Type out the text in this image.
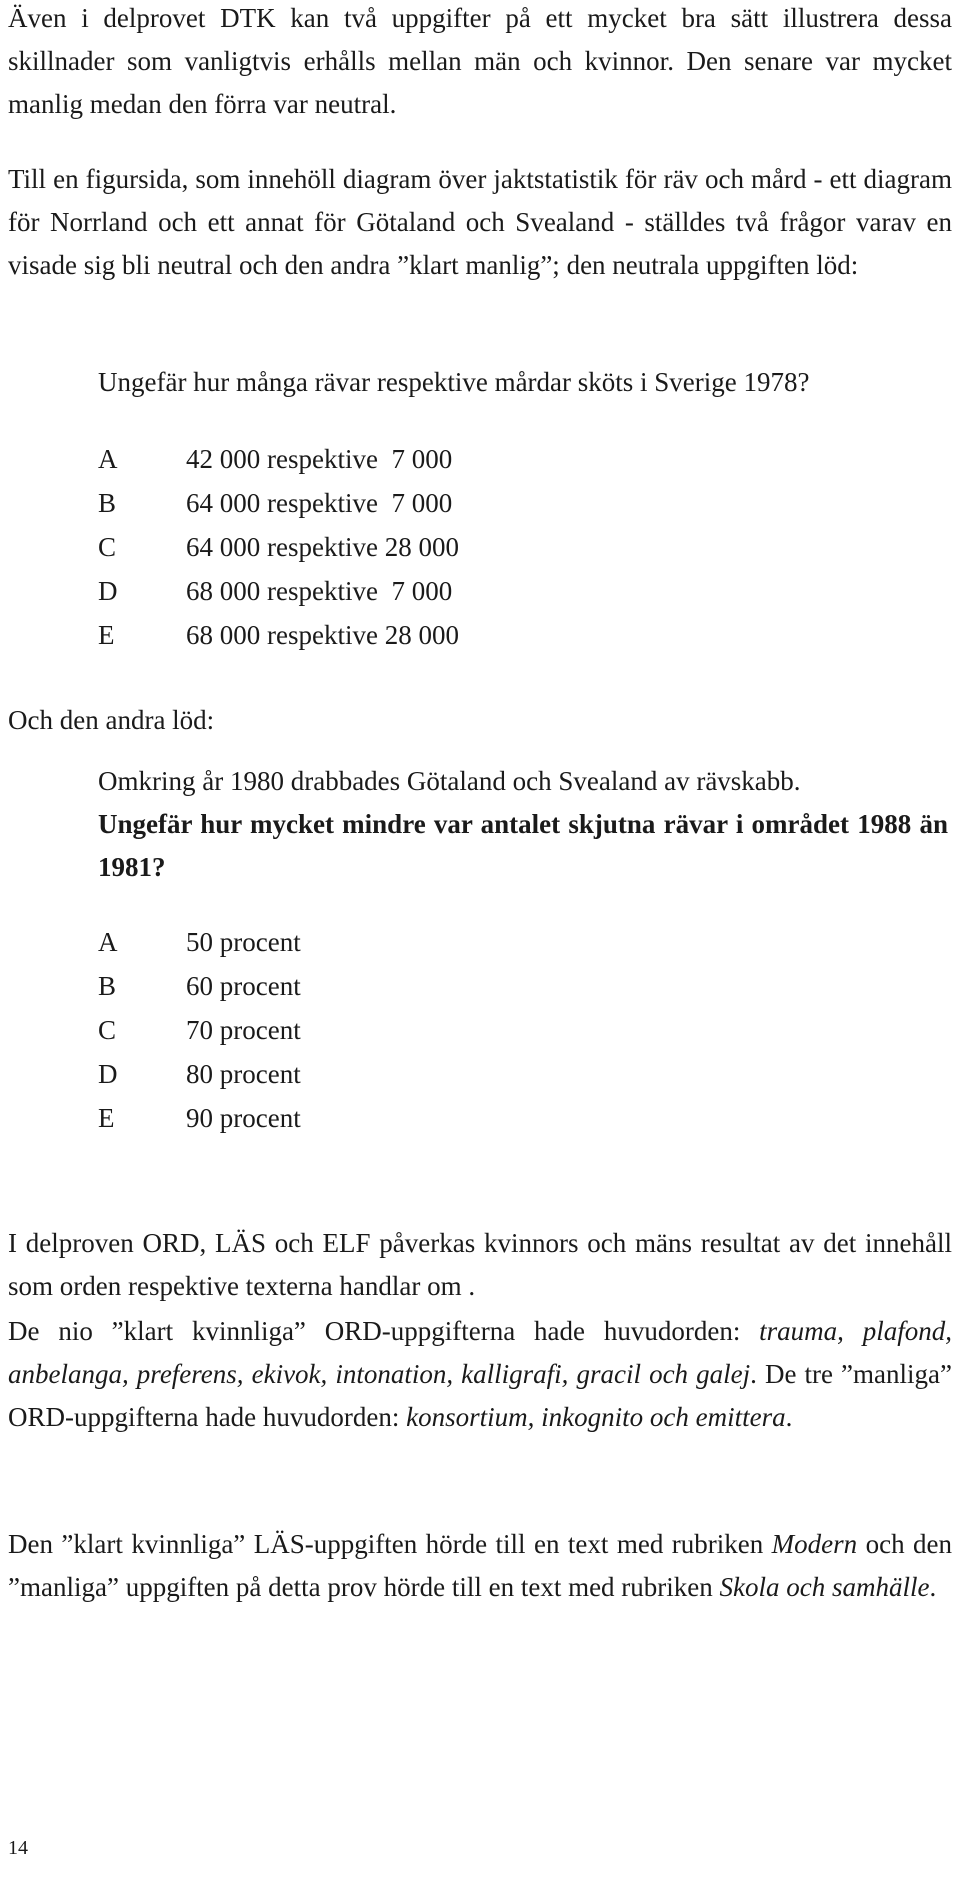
Även i delprovet DTK kan två uppgifter på ett mycket bra sätt illustrera dessa skillnader som vanligtvis erhålls mellan män och kvinnor. Den senare var mycket manlig medan den förra var neutral.

Till en figursida, som innehöll diagram över jaktstatistik för räv och mård - ett diagram för Norrland och ett annat för Götaland och Svealand - ställdes två frågor varav en visade sig bli neutral och den andra ”klart manlig”; den neutrala uppgiften löd:

Ungefär hur många rävar respektive mårdar sköts i Sverige 1978?

A	42 000 respektive  7 000
B	64 000 respektive  7 000
C	64 000 respektive 28 000
D	68 000 respektive  7 000
E	68 000 respektive 28 000

Och den andra löd:

Omkring år 1980 drabbades Götaland och Svealand av rävskabb.
Ungefär hur mycket mindre var antalet skjutna rävar i området 1988 än 1981?

A	50 procent
B	60 procent
C	70 procent
D	80 procent
E	90 procent

I delproven ORD, LÄS och ELF påverkas kvinnors och mäns resultat av det innehåll som orden respektive texterna handlar om .

De nio ”klart kvinnliga” ORD-uppgifterna hade huvudorden: trauma, plafond, anbelanga, preferens, ekivok, intonation, kalligrafi, gracil och galej. De tre ”manliga” ORD-uppgifterna hade huvudorden: konsortium, inkognito och emittera.

Den ”klart kvinnliga” LÄS-uppgiften hörde till en text med rubriken Modern och den ”manliga” uppgiften på detta prov hörde till en text med rubriken Skola och samhälle.

14
